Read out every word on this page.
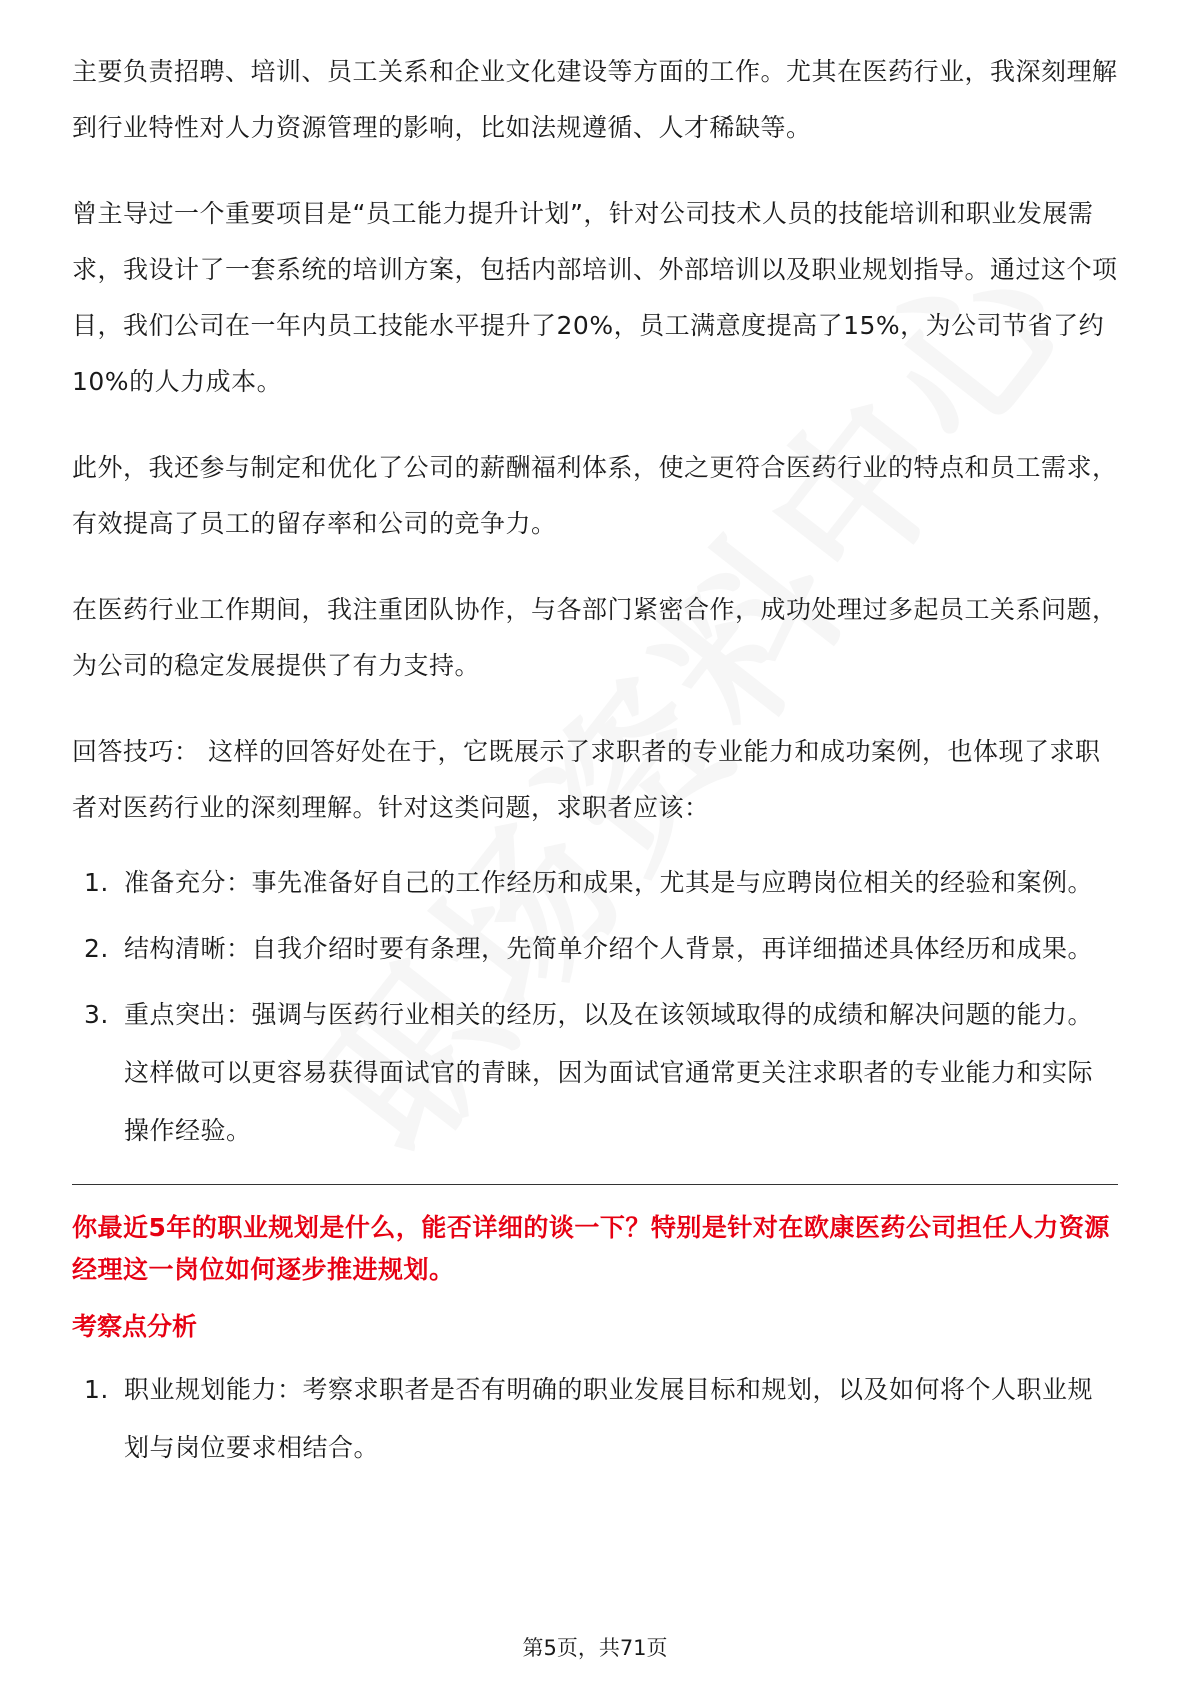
主要负责招聘、培训、员工关系和企业文化建设等方面的工作。尤其在医药行业，我深刻理解到行业特性对人力资源管理的影响，比如法规遵循、人才稀缺等。

曾主导过一个重要项目是“员工能力提升计划”，针对公司技术人员的技能培训和职业发展需求，我设计了一套系统的培训方案，包括内部培训、外部培训以及职业规划指导。通过这个项目，我们公司在一年内员工技能水平提升了20%，员工满意度提高了15%，为公司节省了约10%的人力成本。

此外，我还参与制定和优化了公司的薪酬福利体系，使之更符合医药行业的特点和员工需求，有效提高了员工的留存率和公司的竞争力。

在医药行业工作期间，我注重团队协作，与各部门紧密合作，成功处理过多起员工关系问题，为公司的稳定发展提供了有力支持。

回答技巧： 这样的回答好处在于，它既展示了求职者的专业能力和成功案例，也体现了求职者对医药行业的深刻理解。针对这类问题，求职者应该：

1. 准备充分：事先准备好自己的工作经历和成果，尤其是与应聘岗位相关的经验和案例。
2. 结构清晰：自我介绍时要有条理，先简单介绍个人背景，再详细描述具体经历和成果。
3. 重点突出：强调与医药行业相关的经历，以及在该领域取得的成绩和解决问题的能力。 这样做可以更容易获得面试官的青睐，因为面试官通常更关注求职者的专业能力和实际操作经验。

你最近5年的职业规划是什么，能否详细的谈一下？特别是针对在欧康医药公司担任人力资源经理这一岗位如何逐步推进规划。

考察点分析
1. 职业规划能力：考察求职者是否有明确的职业发展目标和规划，以及如何将个人职业规划与岗位要求相结合。
第5页，共71页
